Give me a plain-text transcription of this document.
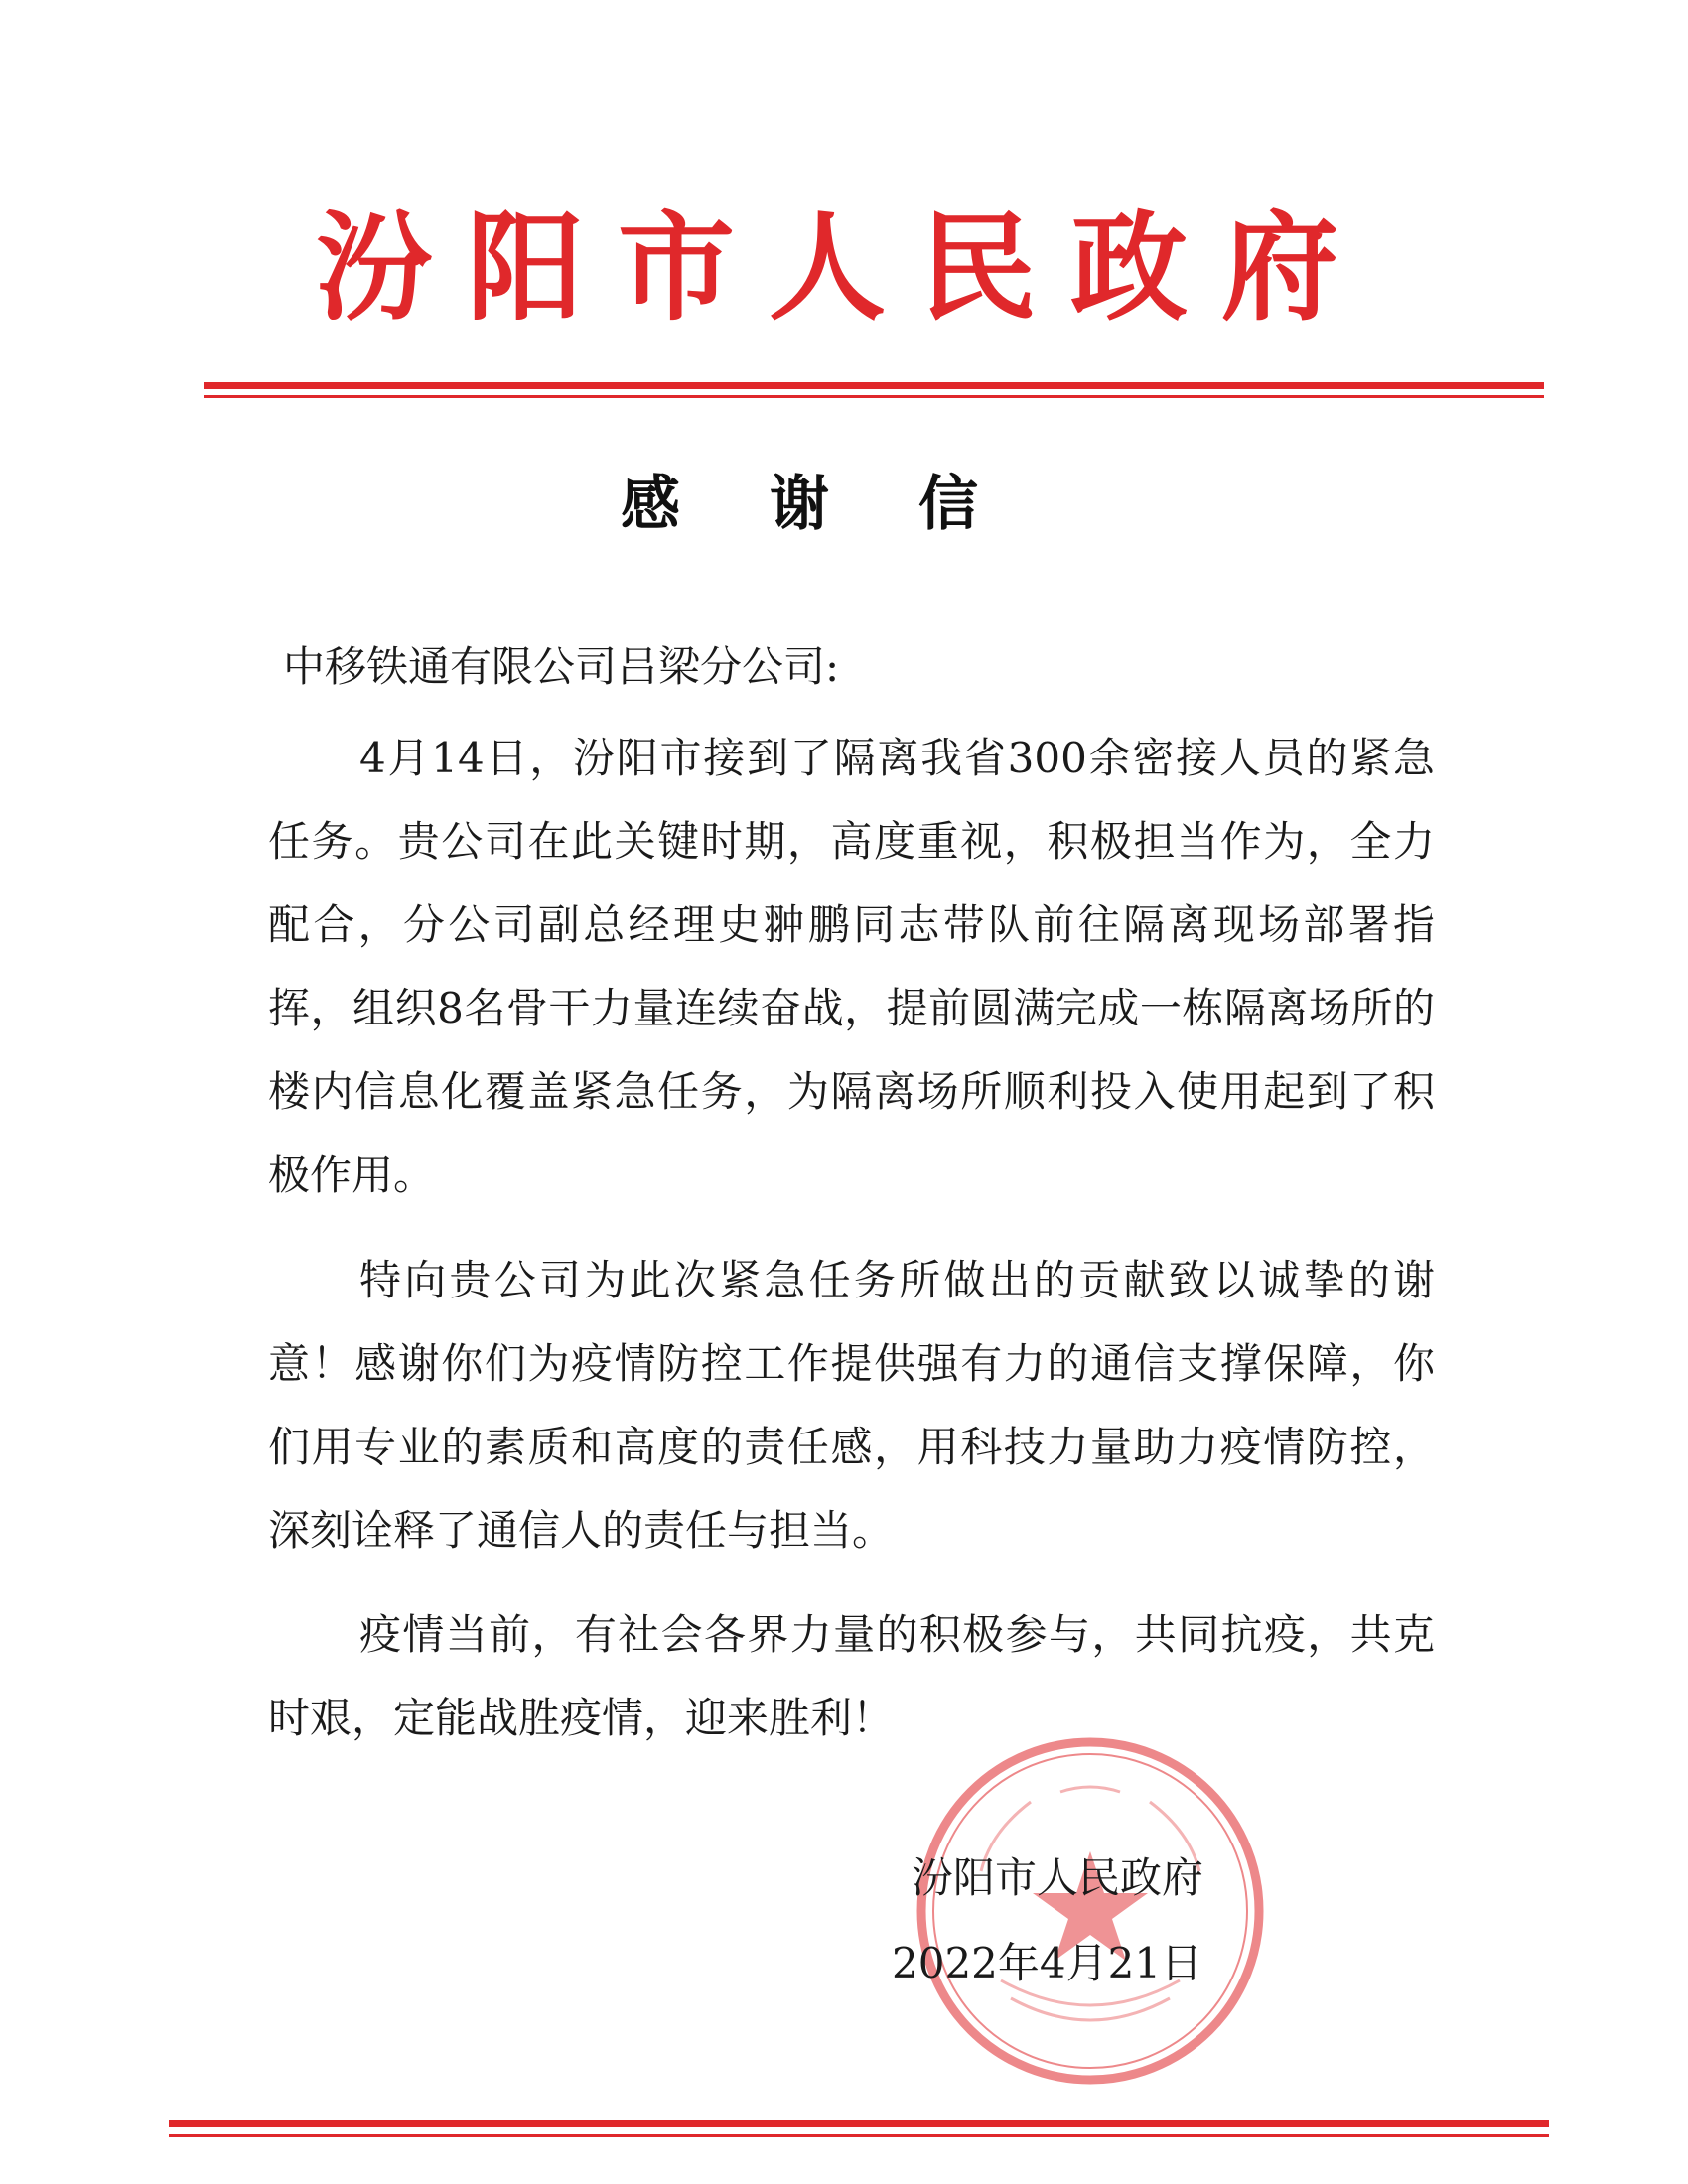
汾阳市人民政府
感谢信
中移铁通有限公司吕梁分公司:

4月14日，汾阳市接到了隔离我省300余密接人员的紧急任务。贵公司在此关键时期，高度重视，积极担当作为，全力配合，分公司副总经理史翀鹏同志带队前往隔离现场部署指挥，组织8名骨干力量连续奋战，提前圆满完成一栋隔离场所的楼内信息化覆盖紧急任务，为隔离场所顺利投入使用起到了积极作用。

特向贵公司为此次紧急任务所做出的贡献致以诚挚的谢意！感谢你们为疫情防控工作提供强有力的通信支撑保障，你们用专业的素质和高度的责任感，用科技力量助力疫情防控，深刻诠释了通信人的责任与担当。

疫情当前，有社会各界力量的积极参与，共同抗疫，共克时艰，定能战胜疫情，迎来胜利！

汾阳市人民政府
2022年4月21日
